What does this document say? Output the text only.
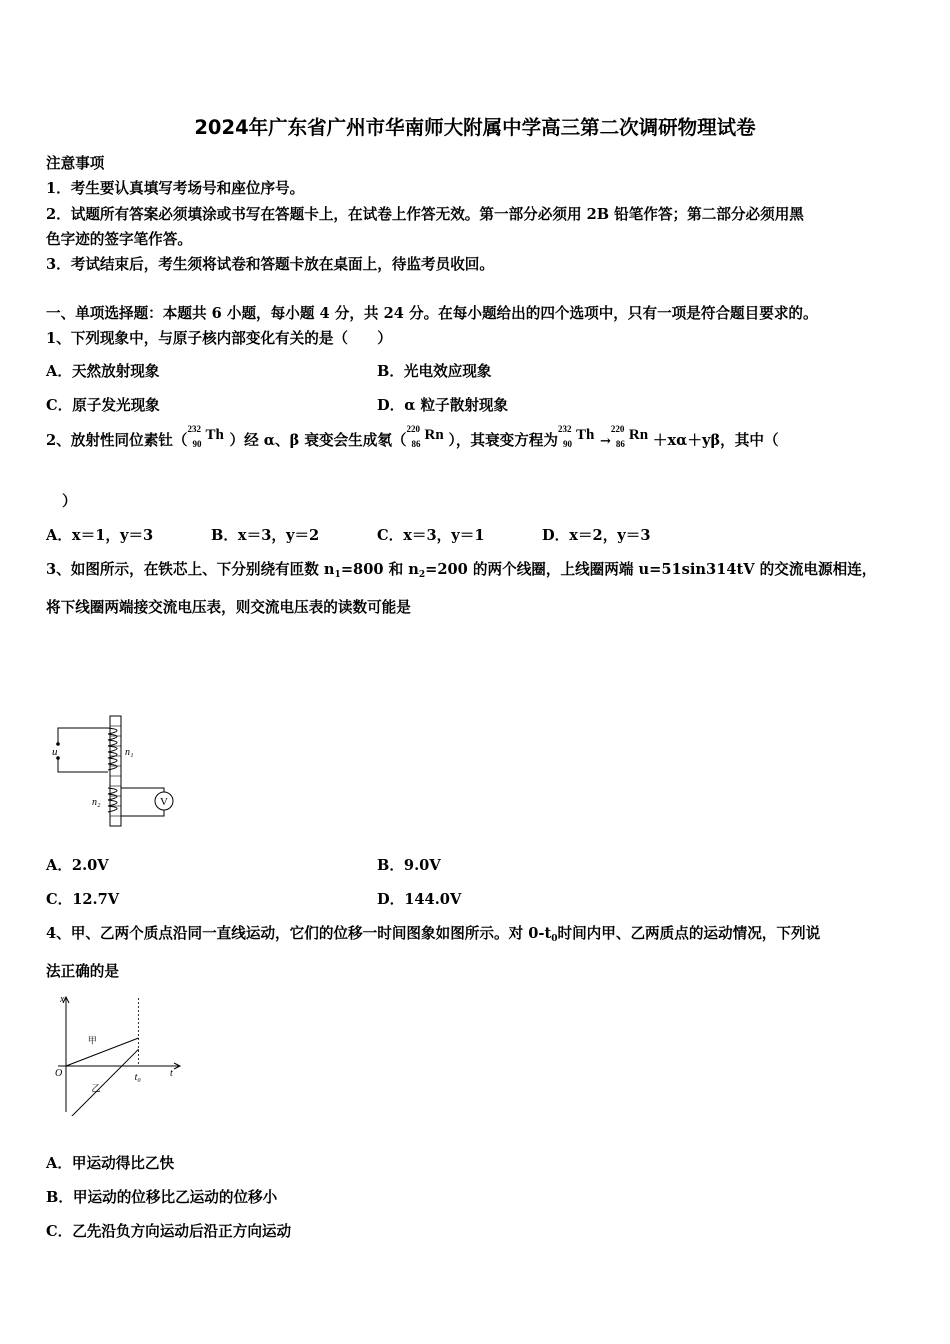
2024年广东省广州市华南师大附属中学高三第二次调研物理试卷
注意事项
1．考生要认真填写考场号和座位序号。
2．试题所有答案必须填涂或书写在答题卡上，在试卷上作答无效。第一部分必须用 2B 铅笔作答；第二部分必须用黑
色字迹的签字笔作答。
3．考试结束后，考生须将试卷和答题卡放在桌面上，待监考员收回。
一、单项选择题：本题共 6 小题，每小题 4 分，共 24 分。在每小题给出的四个选项中，只有一项是符合题目要求的。
1、下列现象中，与原子核内部变化有关的是（　　）
A．天然放射现象	B．光电效应现象
C．原子发光现象	D．α 粒子散射现象
2、放射性同位素钍（
232
90
Th ）经 α、β 衰变会生成氡（
220
86
Rn ），其衰变方程为
232
90
Th →
220
86
Rn ＋xα＋yβ，其中（
）
A．x＝1，y＝3	B．x＝3，y＝2	C．x＝3，y＝1	D．x＝2，y＝3
3、如图所示，在铁芯上、下分别绕有匝数 $n_1=800$ 和 $n_2=200$ 的两个线圈，上线圈两端 u=51sin314tV 的交流电源相连，
将下线圈两端接交流电压表，则交流电压表的读数可能是
u	n₁
n₂	V
A．2.0V	B．9.0V
C．12.7V	D．144.0V
4、甲、乙两个质点沿同一直线运动，它们的位移一时间图象如图所示。对 $0-t_0$时间内甲、乙两质点的运动情况，下列说
法正确的是
x
t
O	t₀
甲
乙
A．甲运动得比乙快
B．甲运动的位移比乙运动的位移小
C．乙先沿负方向运动后沿正方向运动
